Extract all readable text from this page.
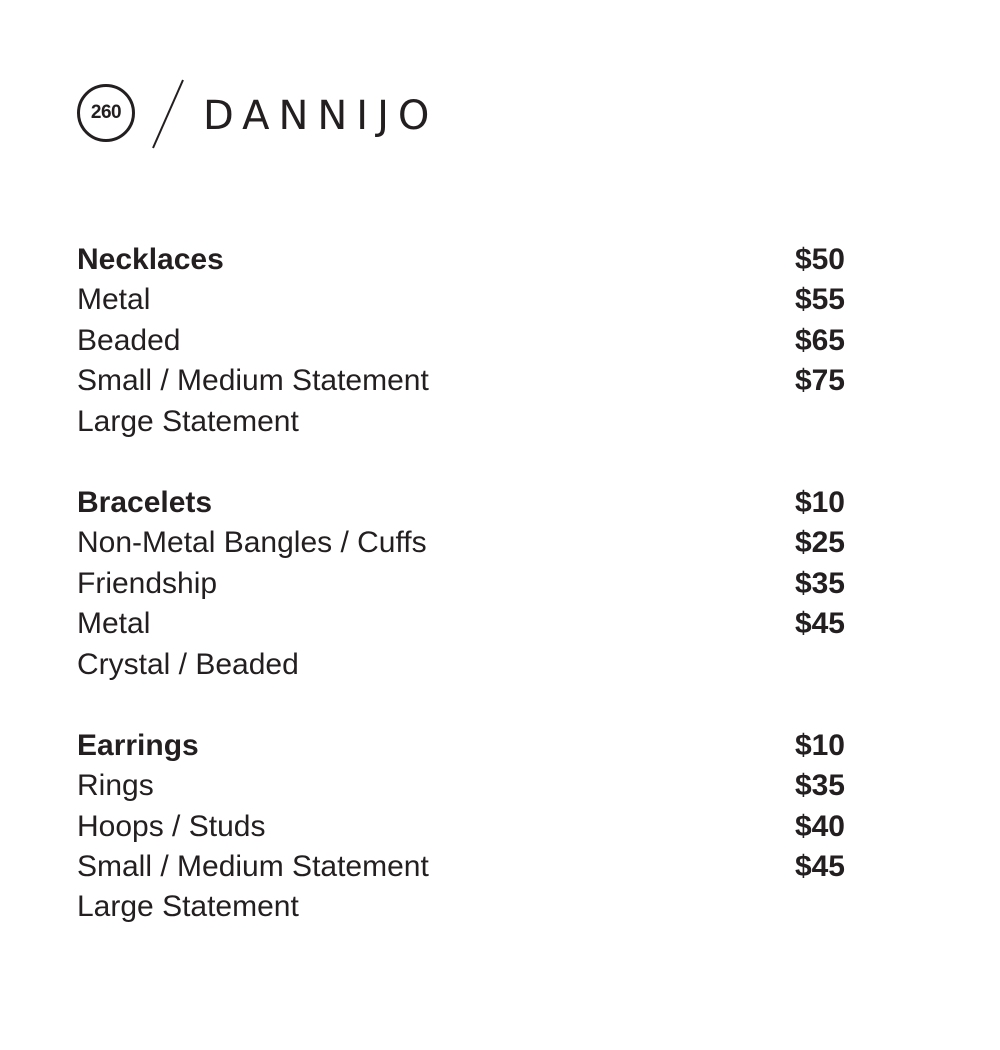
260	DANNIJO
Necklaces
Metal
Beaded
Small / Medium Statement
Large Statement
$50
$55
$65
$75
Bracelets
Non-Metal Bangles / Cuffs
Friendship
Metal
Crystal / Beaded
$10
$25
$35
$45
Earrings
Rings
Hoops / Studs
Small / Medium Statement
Large Statement
$10
$35
$40
$45
